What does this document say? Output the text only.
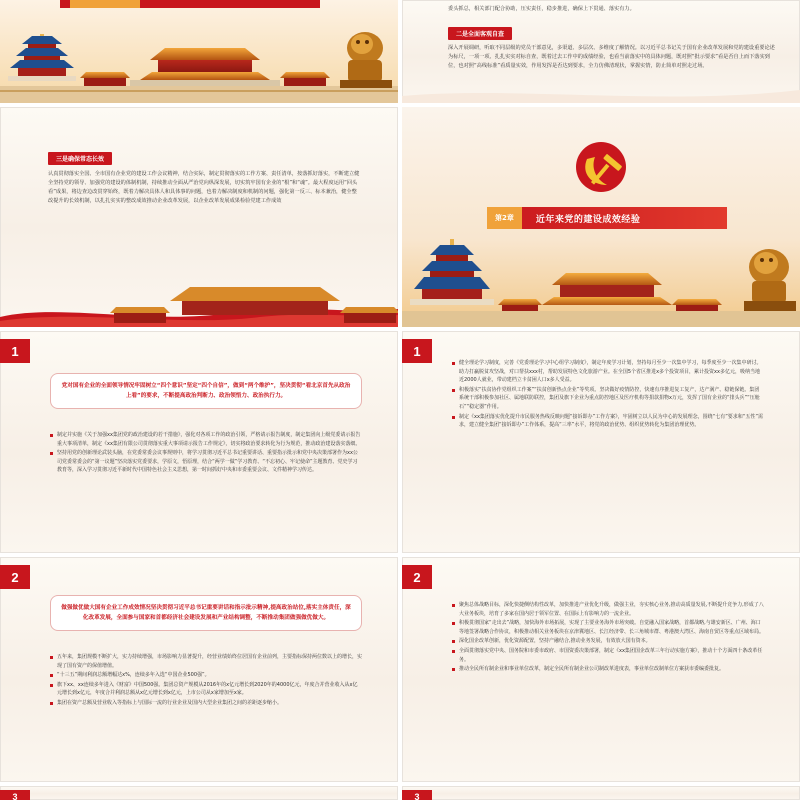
委头抓总，相关部门配合协助，压实责任，稳步推进，确保上下贯通、落实有力。
二是全面客观自查
深入开展调研，听取不同层级的党员干部意见，多渠道、多层次、多维度了解情况。以习近平总书记关于国有企业改革发展和党的建设重要论述为标尺，一项一项、扎扎实实对标自查，既着过去工作中的成绩经验，也看当前落实中的具体问题，既对照“批示要求”看是否自上而下落实到位，也对照“高线标准”看质量实效，作用发挥是否达到要求，全力仿佛清现状，掌握实情，防止简单对照走过场。
三是确保常态长效
认真贯彻落实全国、全市国有企业党的建设工作会议精神，结合实际，制定贯彻落实的工作方案、责任清单，按落抓好落实，不断建立健全坚持党的领导、加强党的建设的体制机制，持续推动全面从严治党向纵深发展，切实筑牢国有企业的“根”和“魂”。最大程度运用“回头看”成果，将边查边改贯穿始终，既着力解决具体人和具体事的问题，也着力解决制度和机制的问题，强化第一反三、标本兼治，健全整改提升的长效机制，以扎扎实实的整改成效推动企业改革发展，以企业改革发展成果检验党建工作成效
第2章	近年来党的建设成效经验
1
党对国有企业的全面领导情况牢固树立“四个意识”坚定“四个自信”，做到“两个维护”，坚决贯彻“看北京首先从政治上看”的要求，不断提高政治判断力、政治领悟力、政治执行力。
制定并实施《关于加强xx集团党的政治建设的若干措施》，强化对各项工作的政治引领，严格请示报告制度，制定集团向上级党委请示报告重大事项清单，制定《xx集团有限公司贯彻落实重大事项请示报告工作规定》，切实将政治要求转化为行为规范，推动政治建设落实落细。
坚持用党的创新理论武装头脑，在党委常委会议事规则中，将学习贯彻习近平总书记重要讲话、重要指示批示和党中央决策部署作为xx公司党委常委会的“第一议题”坚决落实党委要求，学原文，悟原理，结合“两学一做”学习教育、“不忘初心、牢记使命”主题教育、党史学习教育等，深入学习贯彻习近平新时代中国特色社会主义思想，第一时间抓好中央和市委重要会议、文件精神学习传达。
1
健全理论学习制度，完善《党委理论学习中心组学习制度》，制定年度学习计划，坚持每月至少一次集中学习，每季度至少一次集中研讨。助力打赢脱贫攻坚战，对口帮扶xxx村，帮助发展特色文化旅游产业。在全国5个省区推进x多个投资项目，累计投资xx多亿元，吸纳当地近2000人就业，带动建档立卡贫困人口x多人受益。
积极落实“扶贫协作党组织工作案”“扶贫创新热点企业”等奖项。坚决做好疫情防控，快速有序推进复工复产，达产满产、稳链保链。集团系统干部积极参加社区、属地联防联控，集团及旗下企业为重点防控地区及医疗机构等捐款捐物x万元，发挥了国有企业的“排头兵”“压舱石”“稳定器”作用。
制定《xx集团落实优化提升市民服务热线反映问题“接诉即办”工作方案》，牢固树立以人民为中心的发展理念，围绕“七有”要求和“五性”需求，建立健全集团“接诉即办”工作体系，提高“三率”水平，将党的政治优势、组织优势转化为集团治理优势。
2
做强做优做大国有企业工作成效情况坚决贯彻习近平总书记重要讲话和指示批示精神,提高政治站位,落实主体责任，深化改革发展，全面参与国家和首都经济社会建设发展和产业结构调整，不断推动集团做强做优做大。
五年来，集团规模不断扩大，实力持续增强，市场影响力显著提升，经营业绩始终位居国有企业前列，主要指标保持两位数以上的增长，实现了国有资产的保值增值。
“十三五”期间利润总额增幅达x%，连续多年入选“中国企业500强”。
旗下xx、xx连续多年进入《财富》中国500强。集团总资产规模从2016年的x亿元增长到2020年的4000亿元，年度合并营业收入从x亿元增长到x亿元，年度合并利润总额从x亿元增长到x亿元，上市公司从x家增加至x家。
集团在资产总额及营业收入等指标上与国际一流的行业企业及国内大型企业集团之间的差距逐步缩小。
2
聚焦总体战略目标，深化快捷侧结构性改革，加快推进产业优化升级，做强主业，夯实核心业务,推动高质量发展,不断提升竞争力,形成了八大业务板块，培育了多家在国内居于领军位置、在国际上有影响力的一流企业。
积极贯彻国家“走出去”战略，加快海外市场拓展，实现了主要业务海外市场突破。自觉融入国家战略，首都战略,与雄安新区、广州、海口等地签署战略合作协议，积极推动相关业务板块在京津冀地区、长江经济带、长三角城市群、粤港澳大湾区、海南自贸区等重点区域布局。
深化国企改革创新，优化资源配置，坚持产融结合,推动业务发展，有效放大国有资本。
全面贯彻落实党中央、国务院和市委市政府、市国资委决策部署，制定《xx集团国企改革三年行动实施方案》，推动十个方面四十条改革任务。
推动全民所有制企业和事业单位改革，制定全民所有制企业公司制改革进度表，事业单位改制单位方案获市委编委批复。
3	3
